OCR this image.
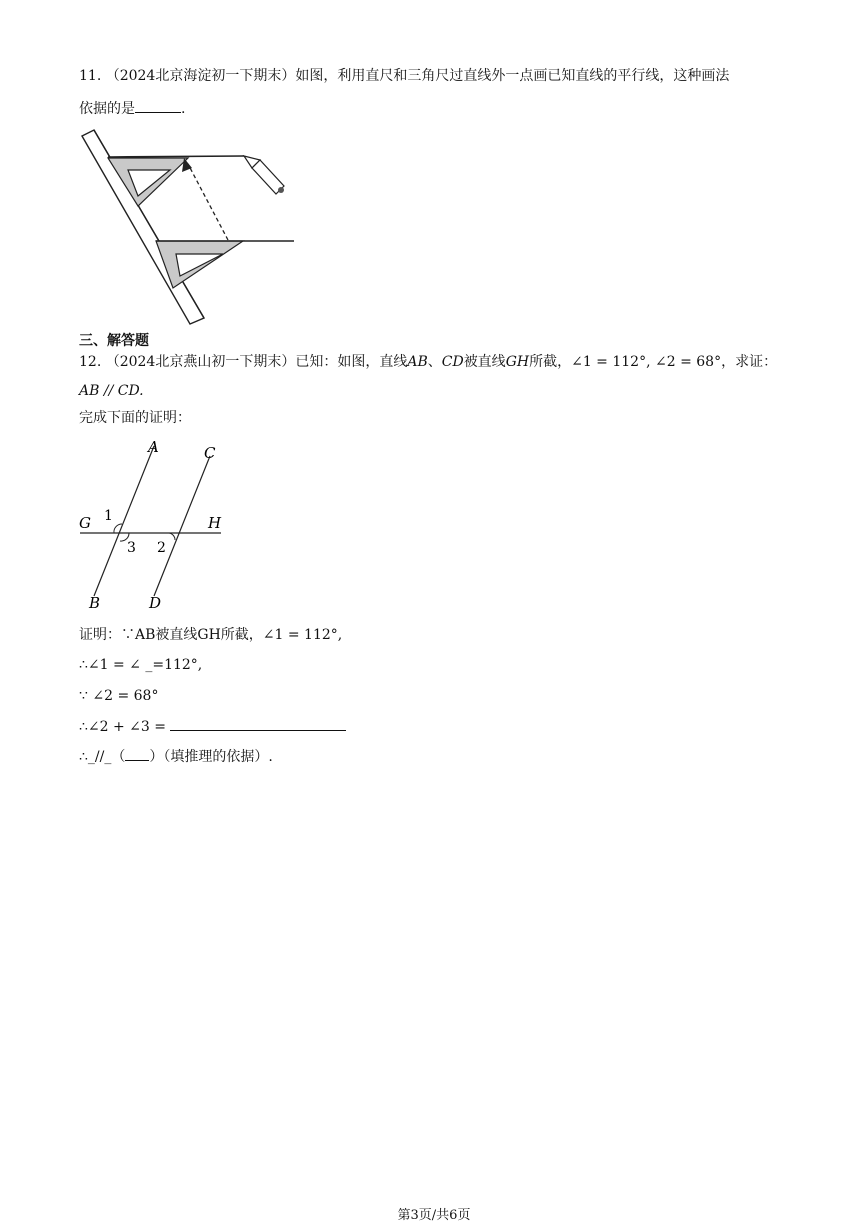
11. （2024北京海淀初一下期末）如图，利用直尺和三角尺过直线外一点画已知直线的平行线，这种画法
依据的是	.
三、解答题
12. （2024北京燕山初一下期末）已知：如图，直线AB、CD被直线GH所截，∠1 = 112°, ∠2 = 68°，求证：
AB // CD.
完成下面的证明：
A	C
G	H
B	D
1
3 2
证明：∵AB被直线GH所截，∠1 = 112°,
∴∠1 = ∠ _=112°,
∵ ∠2 = 68°
∴∠2 + ∠3 =
∴_//_（ ）（填推理的依据）.
第3页/共6页
